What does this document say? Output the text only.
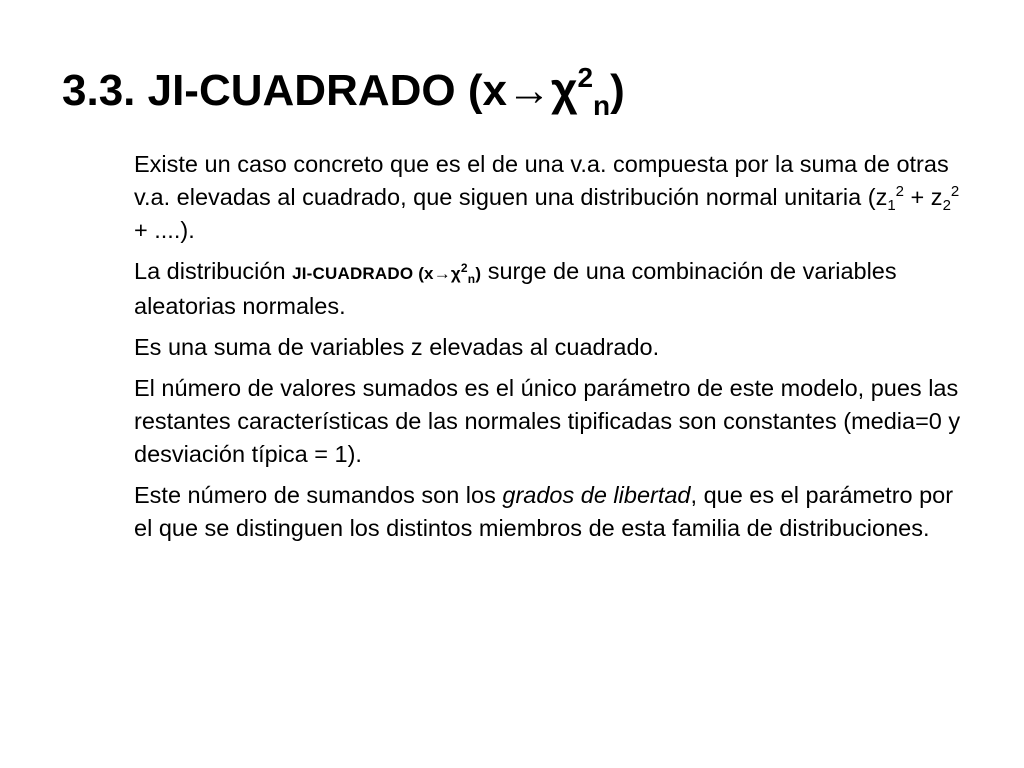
3.3. JI-CUADRADO $(x\to\chi^2_n)$

Existe un caso concreto que es el de una v.a. compuesta por la suma de otras v.a. elevadas al cuadrado, que siguen una distribución normal unitaria ($z_1^2 + z_2^2$ + ....).

La distribución JI-CUADRADO $(x\to\chi^2_n)$ surge de una combinación de variables aleatorias normales.

Es una suma de variables z elevadas al cuadrado.

El número de valores sumados es el único parámetro de este modelo, pues las restantes características de las normales tipificadas son constantes (media=0 y desviación típica = 1).

Este número de sumandos son los grados de libertad, que es el parámetro por el que se distinguen los distintos miembros de esta familia de distribuciones.
